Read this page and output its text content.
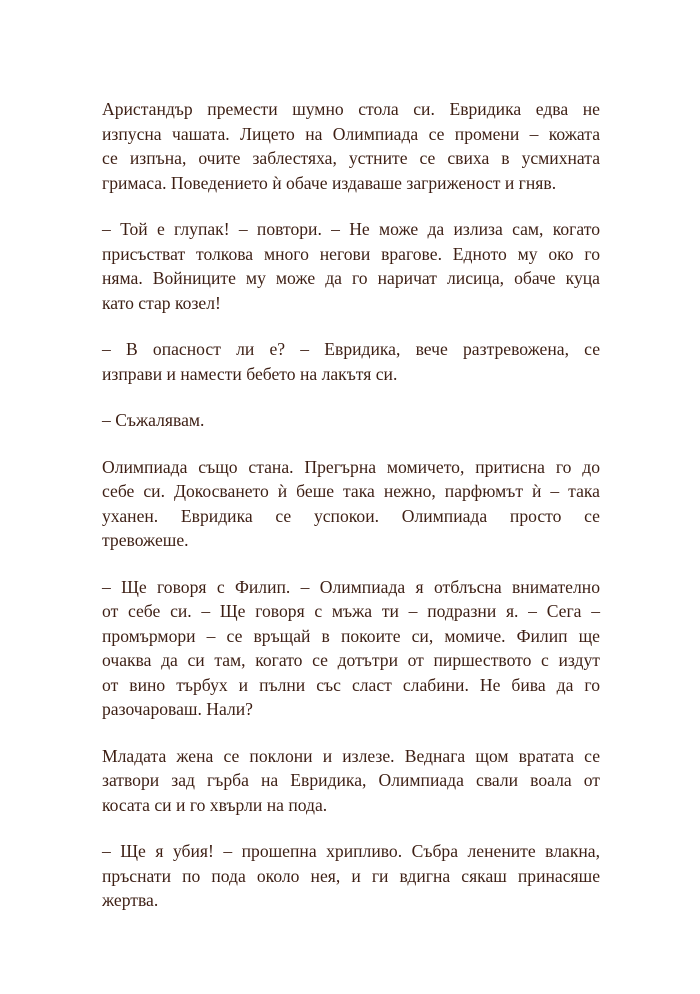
Аристандър премести шумно стола си. Евридика едва не
изпусна чашата. Лицето на Олимпиада се промени – кожата
се изпъна, очите заблестяха, устните се свиха в усмихната
гримаса. Поведението ѝ обаче издаваше загриженост и гняв.

– Той е глупак! – повтори. – Не може да излиза сам, когато
присъстват толкова много негови врагове. Едното му око го
няма. Войниците му може да го наричат лисица, обаче куца
като стар козел!

– В опасност ли е? – Евридика, вече разтревожена, се
изправи и намести бебето на лакътя си.

– Съжалявам.

Олимпиада също стана. Прегърна момичето, притисна го до
себе си. Докосването ѝ беше така нежно, парфюмът ѝ – така
уханен. Евридика се успокои. Олимпиада просто се
тревожеше.

– Ще говоря с Филип. – Олимпиада я отблъсна внимателно
от себе си. – Ще говоря с мъжа ти – подразни я. – Сега –
промърмори – се връщай в покоите си, момиче. Филип ще
очаква да си там, когато се дотътри от пиршеството с издут
от вино търбух и пълни със сласт слабини. Не бива да го
разочароваш. Нали?

Младата жена се поклони и излезе. Веднага щом вратата се
затвори зад гърба на Евридика, Олимпиада свали воала от
косата си и го хвърли на пода.

– Ще я убия! – прошепна хрипливо. Събра ленените влакна,
пръснати по пода около нея, и ги вдигна сякаш принасяше
жертва.
